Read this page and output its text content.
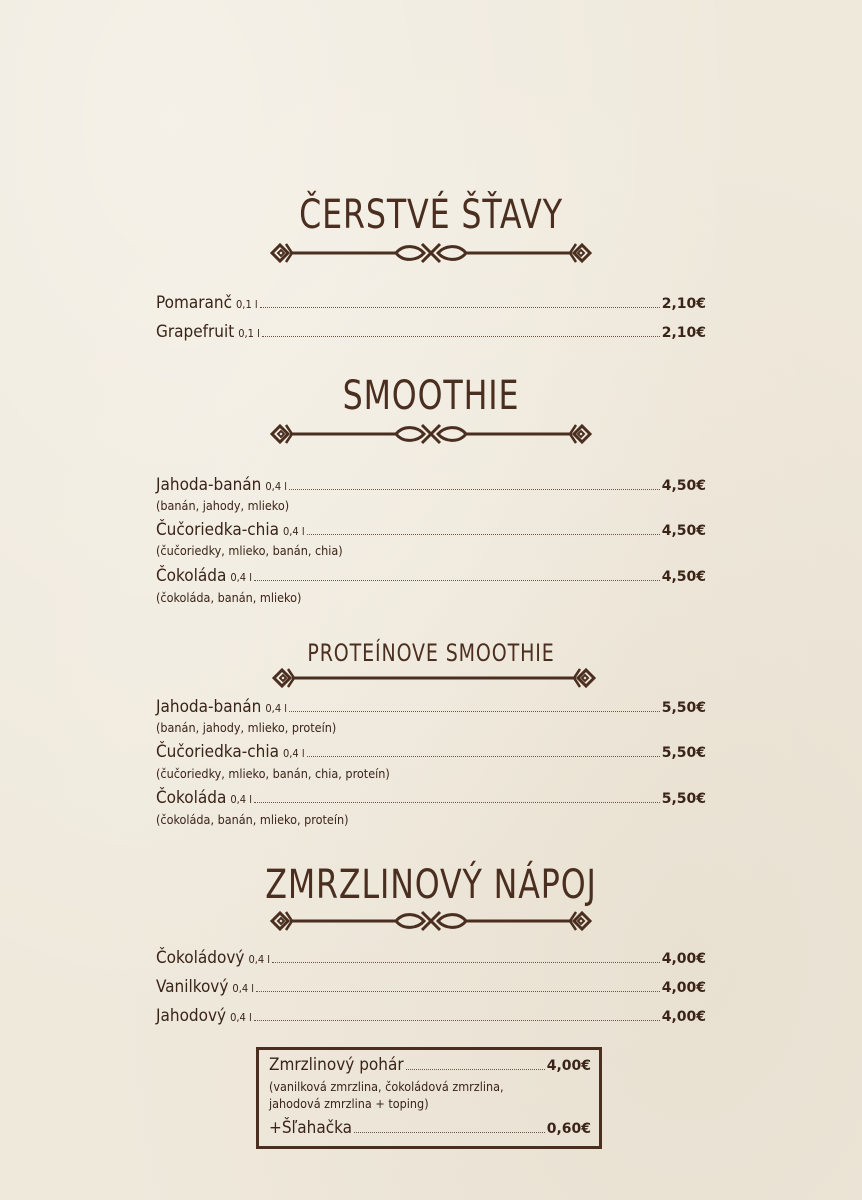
ČERSTVÉ ŠŤAVY
Pomaranč 0,1 l	2,10€
Grapefruit 0,1 l	2,10€
SMOOTHIE
Jahoda-banán 0,4 l	4,50€
(banán, jahody, mlieko)
Čučoriedka-chia 0,4 l	4,50€
(čučoriedky, mlieko, banán, chia)
Čokoláda 0,4 l	4,50€
(čokoláda, banán, mlieko)
PROTEÍNOVE SMOOTHIE
Jahoda-banán 0,4 l	5,50€
(banán, jahody, mlieko, proteín)
Čučoriedka-chia 0,4 l	5,50€
(čučoriedky, mlieko, banán, chia, proteín)
Čokoláda 0,4 l	5,50€
(čokoláda, banán, mlieko, proteín)
ZMRZLINOVÝ NÁPOJ
Čokoládový 0,4 l	4,00€
Vanilkový 0,4 l	4,00€
Jahodový 0,4 l	4,00€
Zmrzlinový pohár	4,00€
(vanilková zmrzlina, čokoládová zmrzlina,
jahodová zmrzlina + toping)
+Šľahačka	0,60€
